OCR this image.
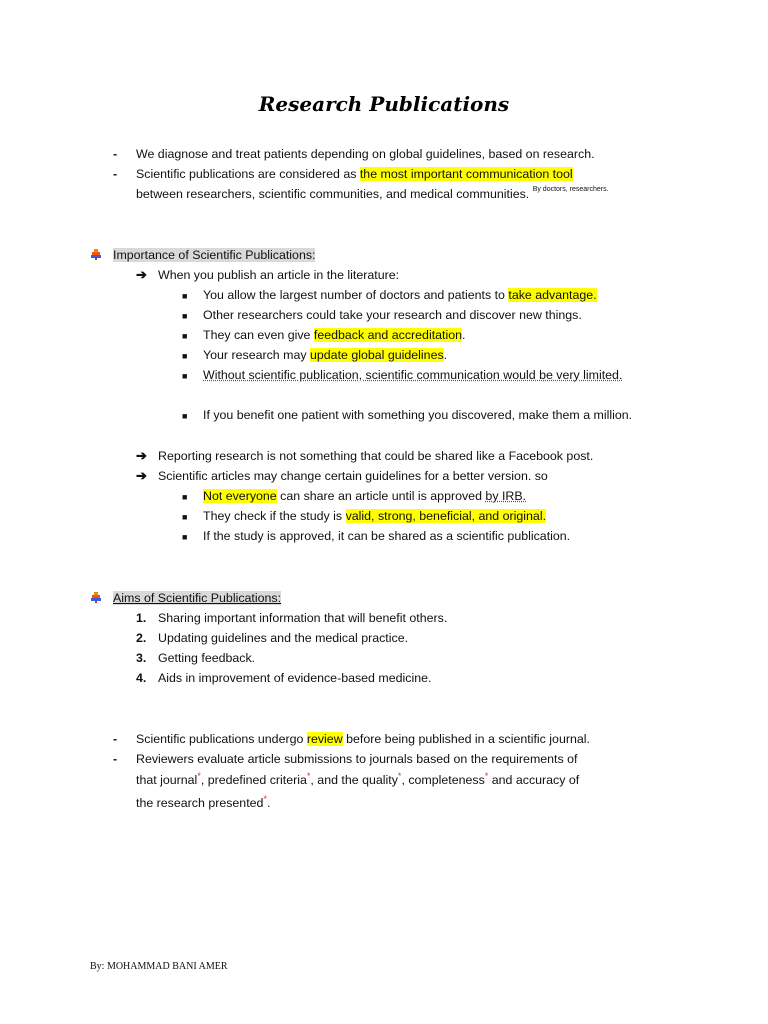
Research Publications
- We diagnose and treat patients depending on global guidelines, based on research.
- Scientific publications are considered as the most important communication tool
between researchers, scientific communities, and medical communities. $^{By doctors, researchers.}$
Importance of Scientific Publications:
➔ When you publish an article in the literature:
■ You allow the largest number of doctors and patients to take advantage.
■ Other researchers could take your research and discover new things.
■ They can even give feedback and accreditation.
■ Your research may update global guidelines.
■ Without scientific publication, scientific communication would be very limited.
■ If you benefit one patient with something you discovered, make them a million.
➔ Reporting research is not something that could be shared like a Facebook post.
➔ Scientific articles may change certain guidelines for a better version. so
■ Not everyone can share an article until is approved by IRB.
■ They check if the study is valid, strong, beneficial, and original.
■ If the study is approved, it can be shared as a scientific publication.
Aims of Scientific Publications:
1. Sharing important information that will benefit others.
2. Updating guidelines and the medical practice.
3. Getting feedback.
4. Aids in improvement of evidence-based medicine.
- Scientific publications undergo review before being published in a scientific journal.
- Reviewers evaluate article submissions to journals based on the requirements of
that journal*, predefined criteria*, and the quality*, completeness* and accuracy of
the research presented*.
By: MOHAMMAD BANI AMER
